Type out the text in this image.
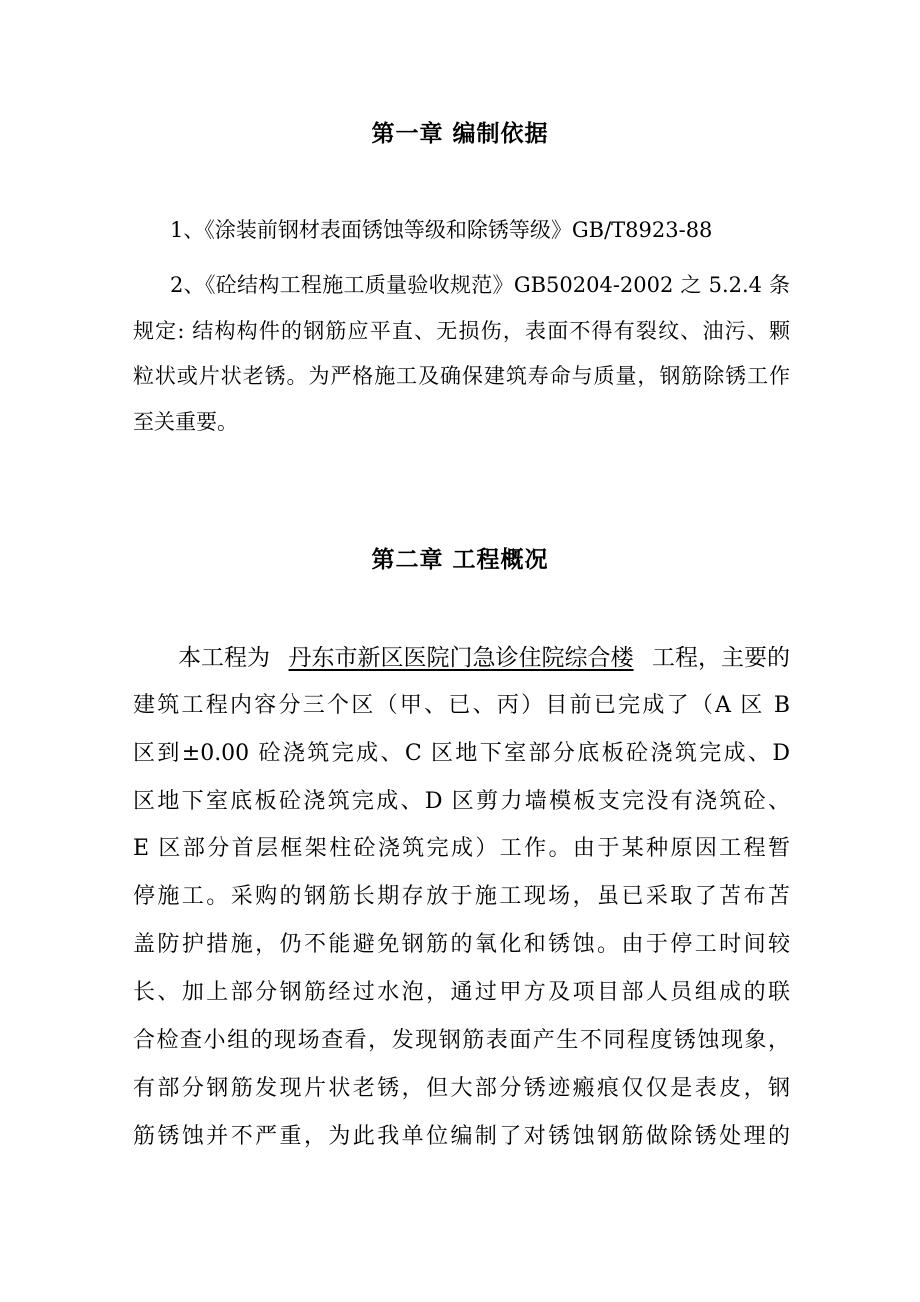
第一章 编制依据

1、《涂装前钢材表面锈蚀等级和除锈等级》GB/T8923-88

2、《砼结构工程施工质量验收规范》GB50204-2002 之 5.2.4 条

规定: 结构构件的钢筋应平直、无损伤，表面不得有裂纹、油污、颗

粒状或片状老锈。为严格施工及确保建筑寿命与质量，钢筋除锈工作

至关重要。

第二章 工程概况

本工程为 丹东市新区医院门急诊住院综合楼 工程，主要的

建筑工程内容分三个区（甲、已、丙）目前已完成了（A 区 B

区到±0.00 砼浇筑完成、C 区地下室部分底板砼浇筑完成、D

区地下室底板砼浇筑完成、D 区剪力墙模板支完没有浇筑砼、

E 区部分首层框架柱砼浇筑完成）工作。由于某种原因工程暂

停施工。采购的钢筋长期存放于施工现场，虽已采取了苫布苫

盖防护措施，仍不能避免钢筋的氧化和锈蚀。由于停工时间较

长、加上部分钢筋经过水泡，通过甲方及项目部人员组成的联

合检查小组的现场查看，发现钢筋表面产生不同程度锈蚀现象，

有部分钢筋发现片状老锈，但大部分锈迹瘢痕仅仅是表皮，钢

筋锈蚀并不严重，为此我单位编制了对锈蚀钢筋做除锈处理的
